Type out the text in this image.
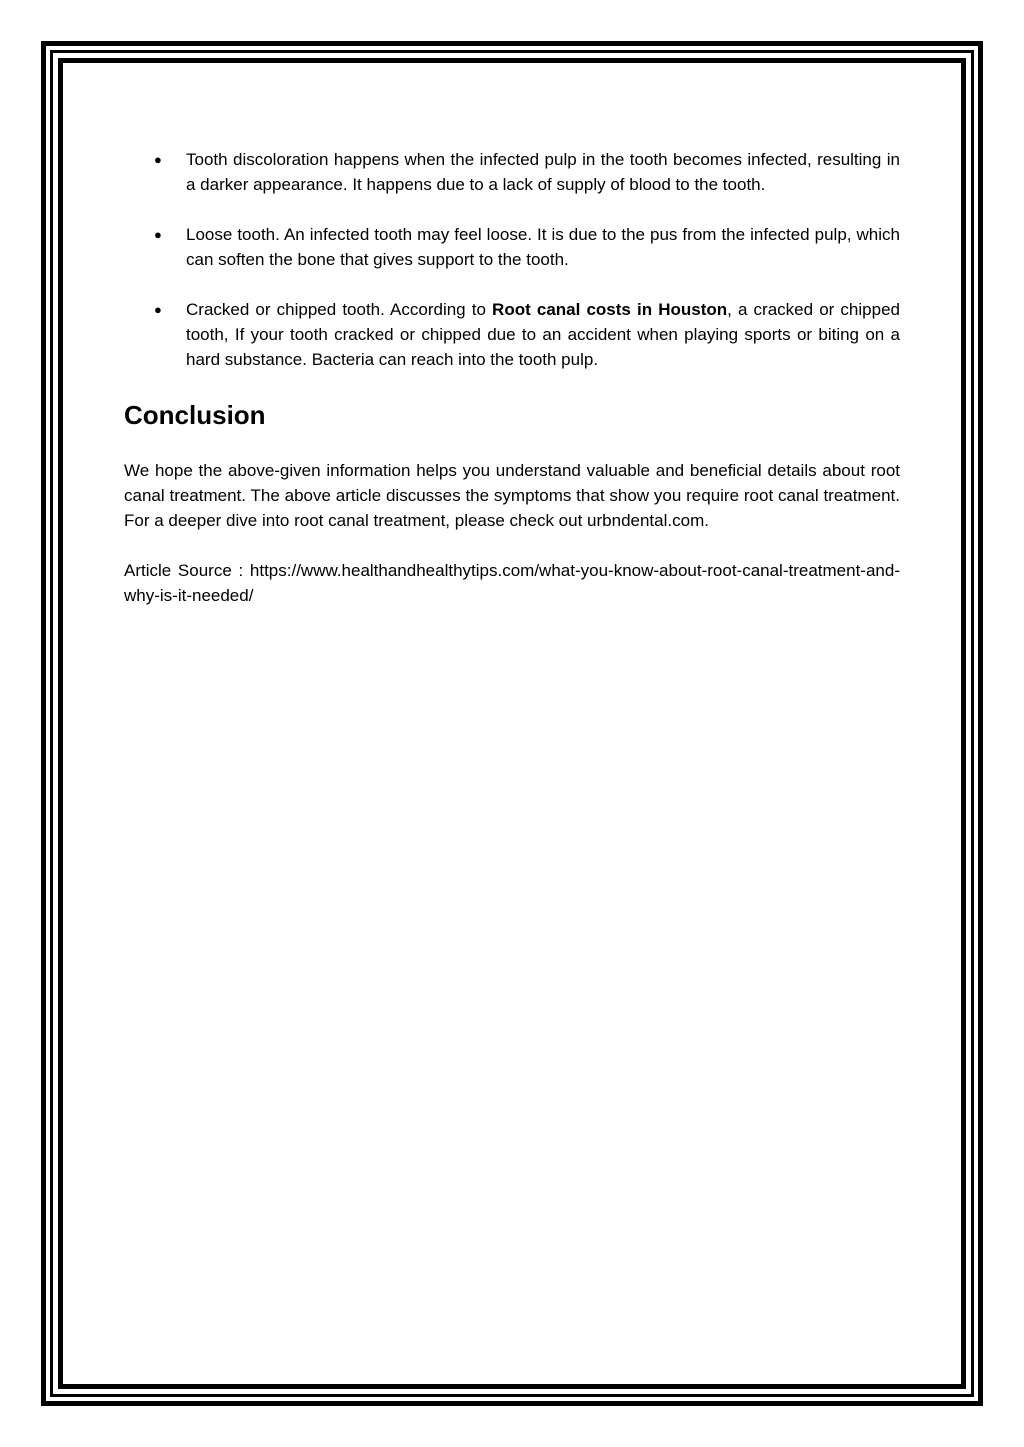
● Tooth discoloration happens when the infected pulp in the tooth becomes infected, resulting in a darker appearance. It happens due to a lack of supply of blood to the tooth.
● Loose tooth. An infected tooth may feel loose. It is due to the pus from the infected pulp, which can soften the bone that gives support to the tooth.
● Cracked or chipped tooth. According to Root canal costs in Houston, a cracked or chipped tooth, If your tooth cracked or chipped due to an accident when playing sports or biting on a hard substance. Bacteria can reach into the tooth pulp.
Conclusion

We hope the above-given information helps you understand valuable and beneficial details about root canal treatment. The above article discusses the symptoms that show you require root canal treatment. For a deeper dive into root canal treatment, please check out urbndental.com.

Article Source : https://www.healthandhealthytips.com/what-you-know-about-root-canal-treatment-and-why-is-it-needed/
